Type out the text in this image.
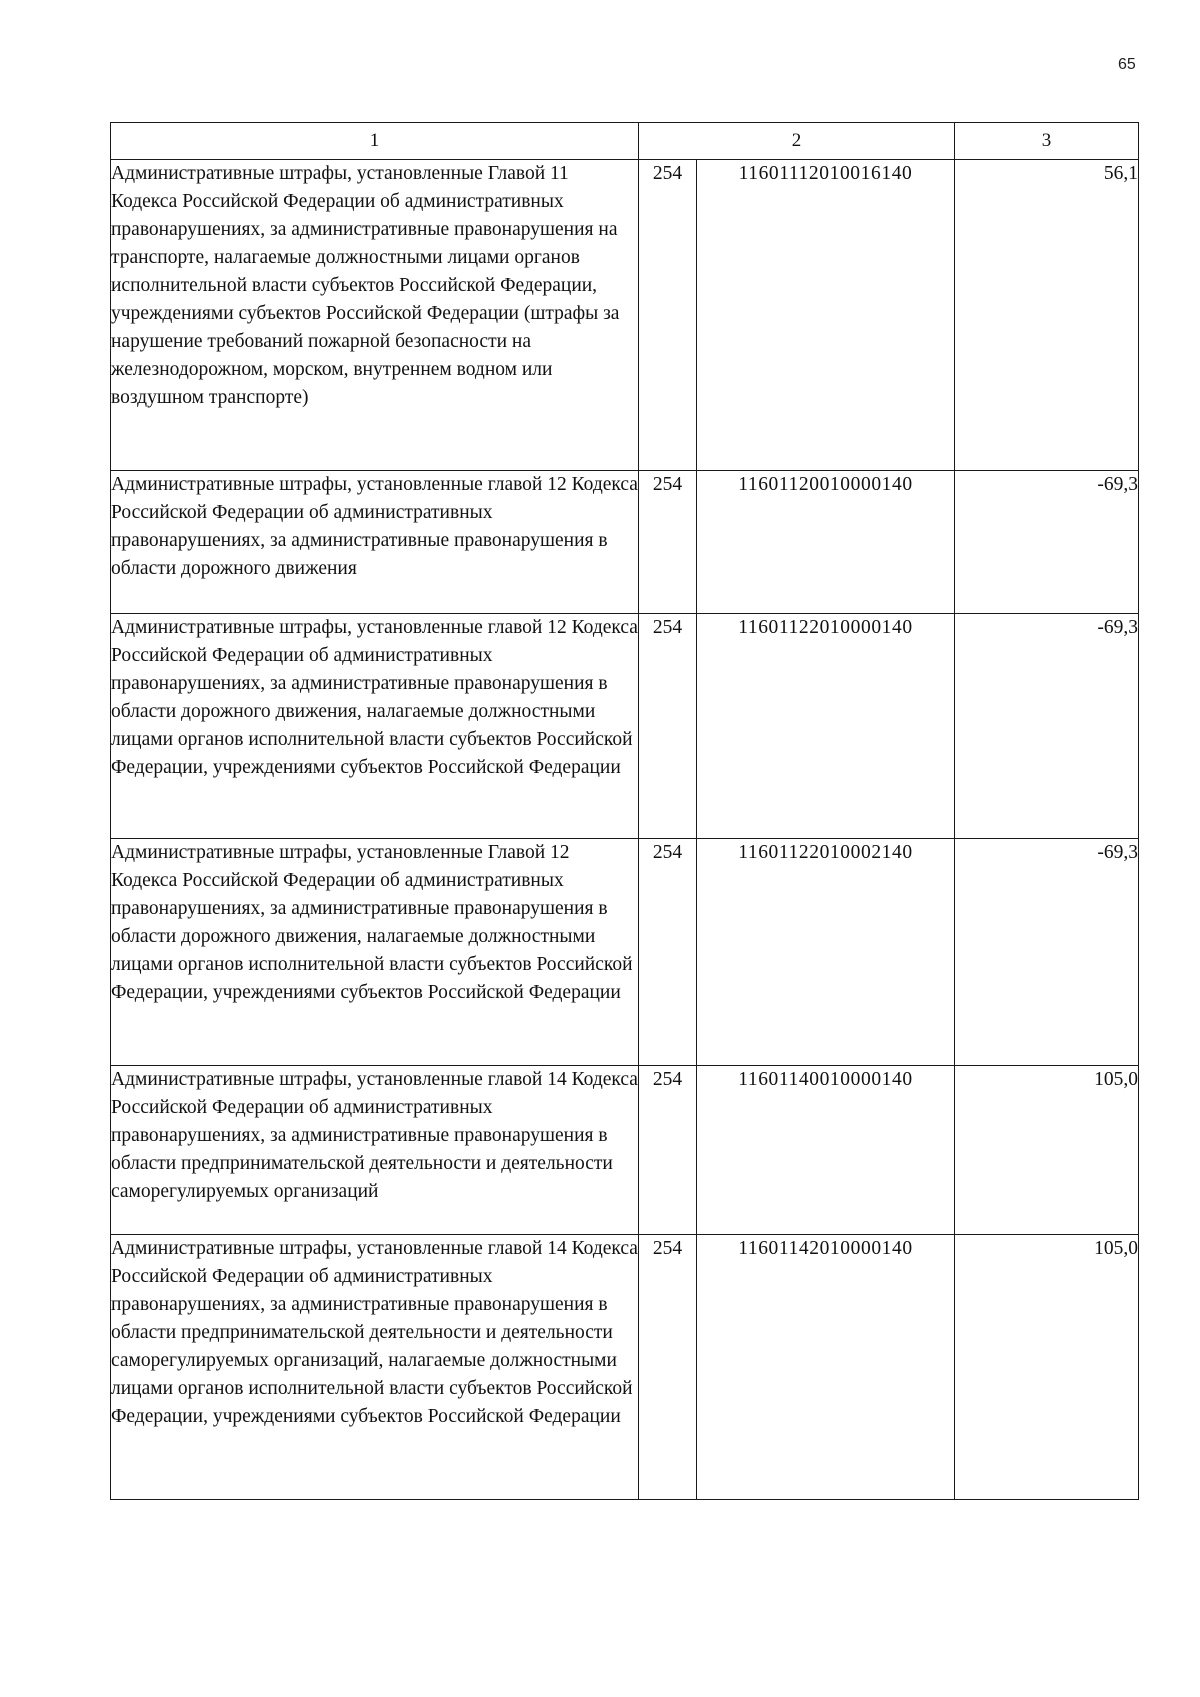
65
1	2		3
Административные штрафы, установленные Главой 11 Кодекса Российской Федерации об административных правонарушениях, за административные правонарушения на транспорте, налагаемые должностными лицами органов исполнительной власти субъектов Российской Федерации, учреждениями субъектов Российской Федерации (штрафы за нарушение требований пожарной безопасности на железнодорожном, морском, внутреннем водном или воздушном транспорте)	254	11601112010016140	56,1
Административные штрафы, установленные главой 12 Кодекса Российской Федерации об административных правонарушениях, за административные правонарушения в области дорожного движения	254	11601120010000140	-69,3
Административные штрафы, установленные главой 12 Кодекса Российской Федерации об административных правонарушениях, за административные правонарушения в области дорожного движения, налагаемые должностными лицами органов исполнительной власти субъектов Российской Федерации, учреждениями субъектов Российской Федерации	254	11601122010000140	-69,3
Административные штрафы, установленные Главой 12 Кодекса Российской Федерации об административных правонарушениях, за административные правонарушения в области дорожного движения, налагаемые должностными лицами органов исполнительной власти субъектов Российской Федерации, учреждениями субъектов Российской Федерации	254	11601122010002140	-69,3
Административные штрафы, установленные главой 14 Кодекса Российской Федерации об административных правонарушениях, за административные правонарушения в области предпринимательской деятельности и деятельности саморегулируемых организаций	254	11601140010000140	105,0
Административные штрафы, установленные главой 14 Кодекса Российской Федерации об административных правонарушениях, за административные правонарушения в области предпринимательской деятельности и деятельности саморегулируемых организаций, налагаемые должностными лицами органов исполнительной власти субъектов Российской Федерации, учреждениями субъектов Российской Федерации	254	11601142010000140	105,0
